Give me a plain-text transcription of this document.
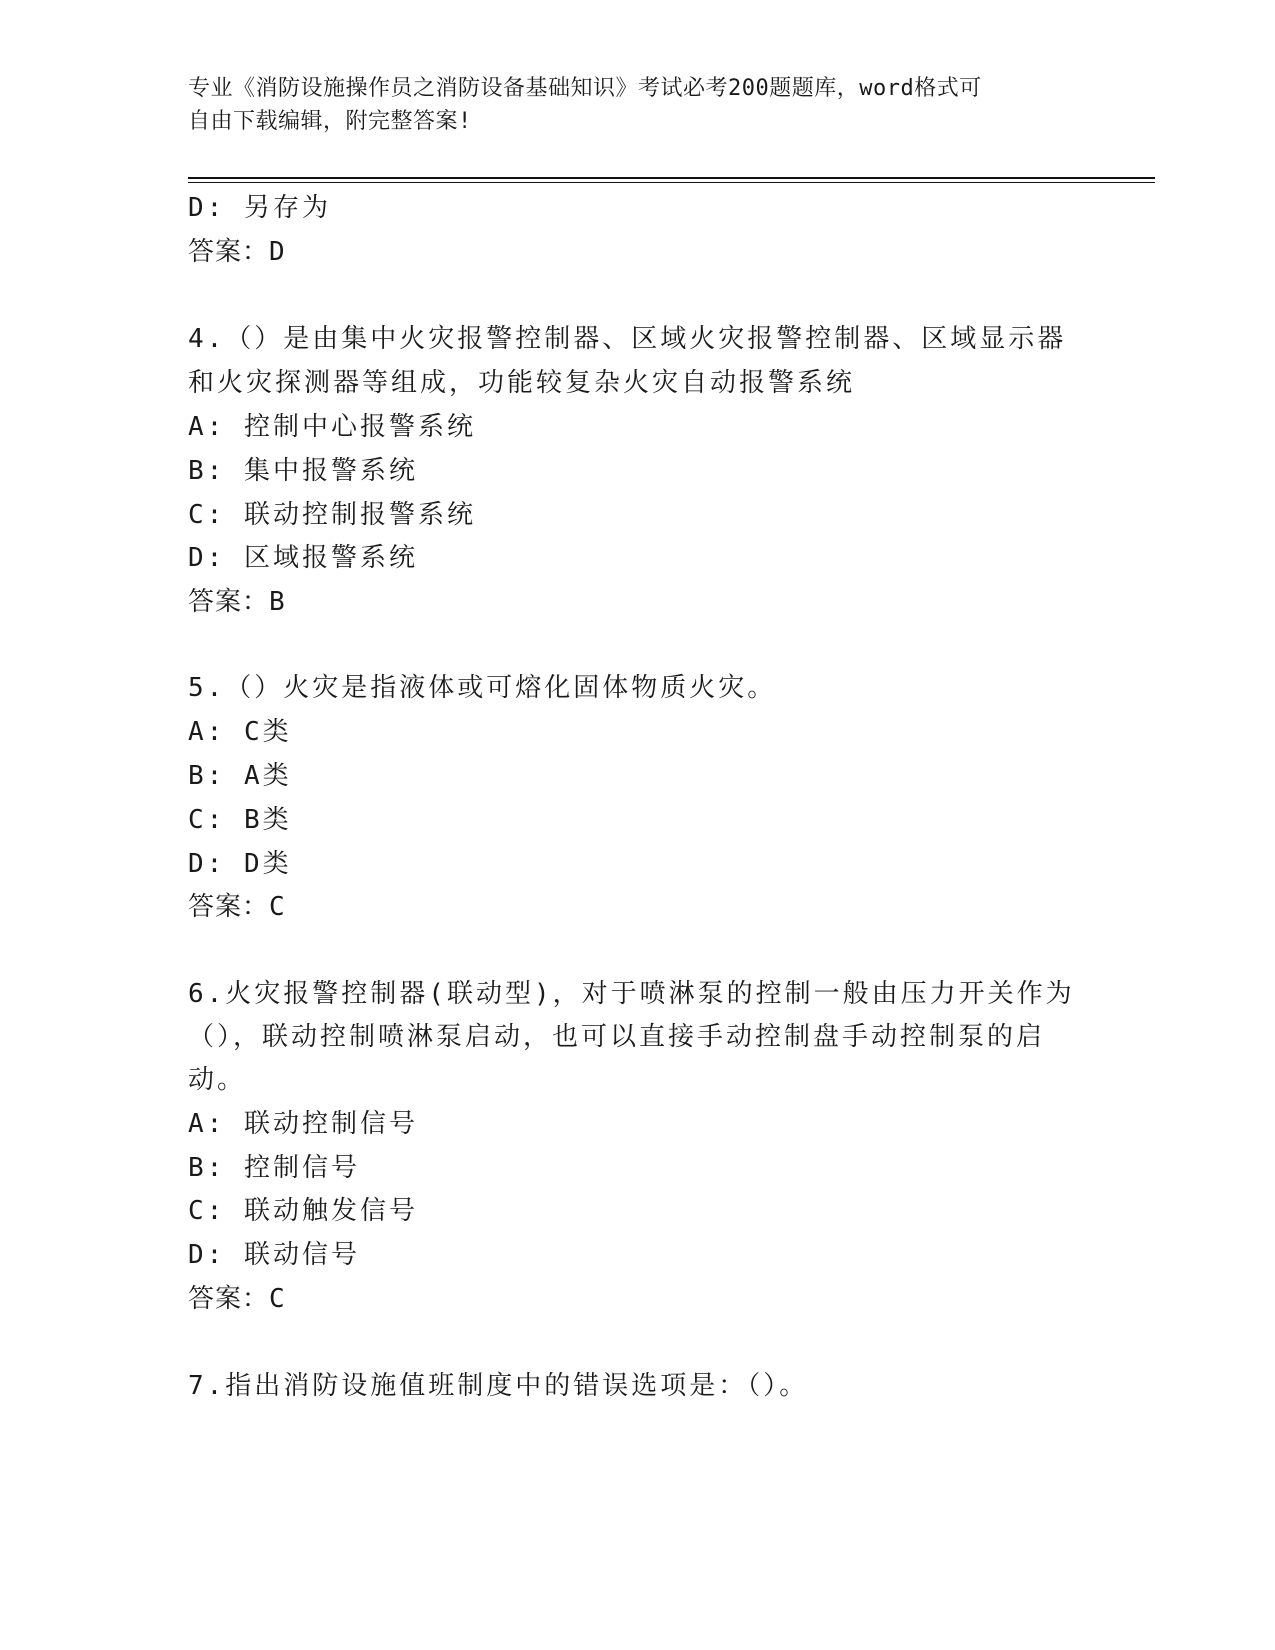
专业《消防设施操作员之消防设备基础知识》考试必考200题题库，word格式可
自由下载编辑，附完整答案!
D: 另存为
答案：D
4.（）是由集中火灾报警控制器、区域火灾报警控制器、区域显示器
和火灾探测器等组成，功能较复杂火灾自动报警系统
A: 控制中心报警系统
B: 集中报警系统
C: 联动控制报警系统
D: 区域报警系统
答案：B
5.（）火灾是指液体或可熔化固体物质火灾。
A: C类
B: A类
C: B类
D: D类
答案：C
6.火灾报警控制器(联动型)，对于喷淋泵的控制一般由压力开关作为
（），联动控制喷淋泵启动，也可以直接手动控制盘手动控制泵的启
动。
A: 联动控制信号
B: 控制信号
C: 联动触发信号
D: 联动信号
答案：C
7.指出消防设施值班制度中的错误选项是：（）。
